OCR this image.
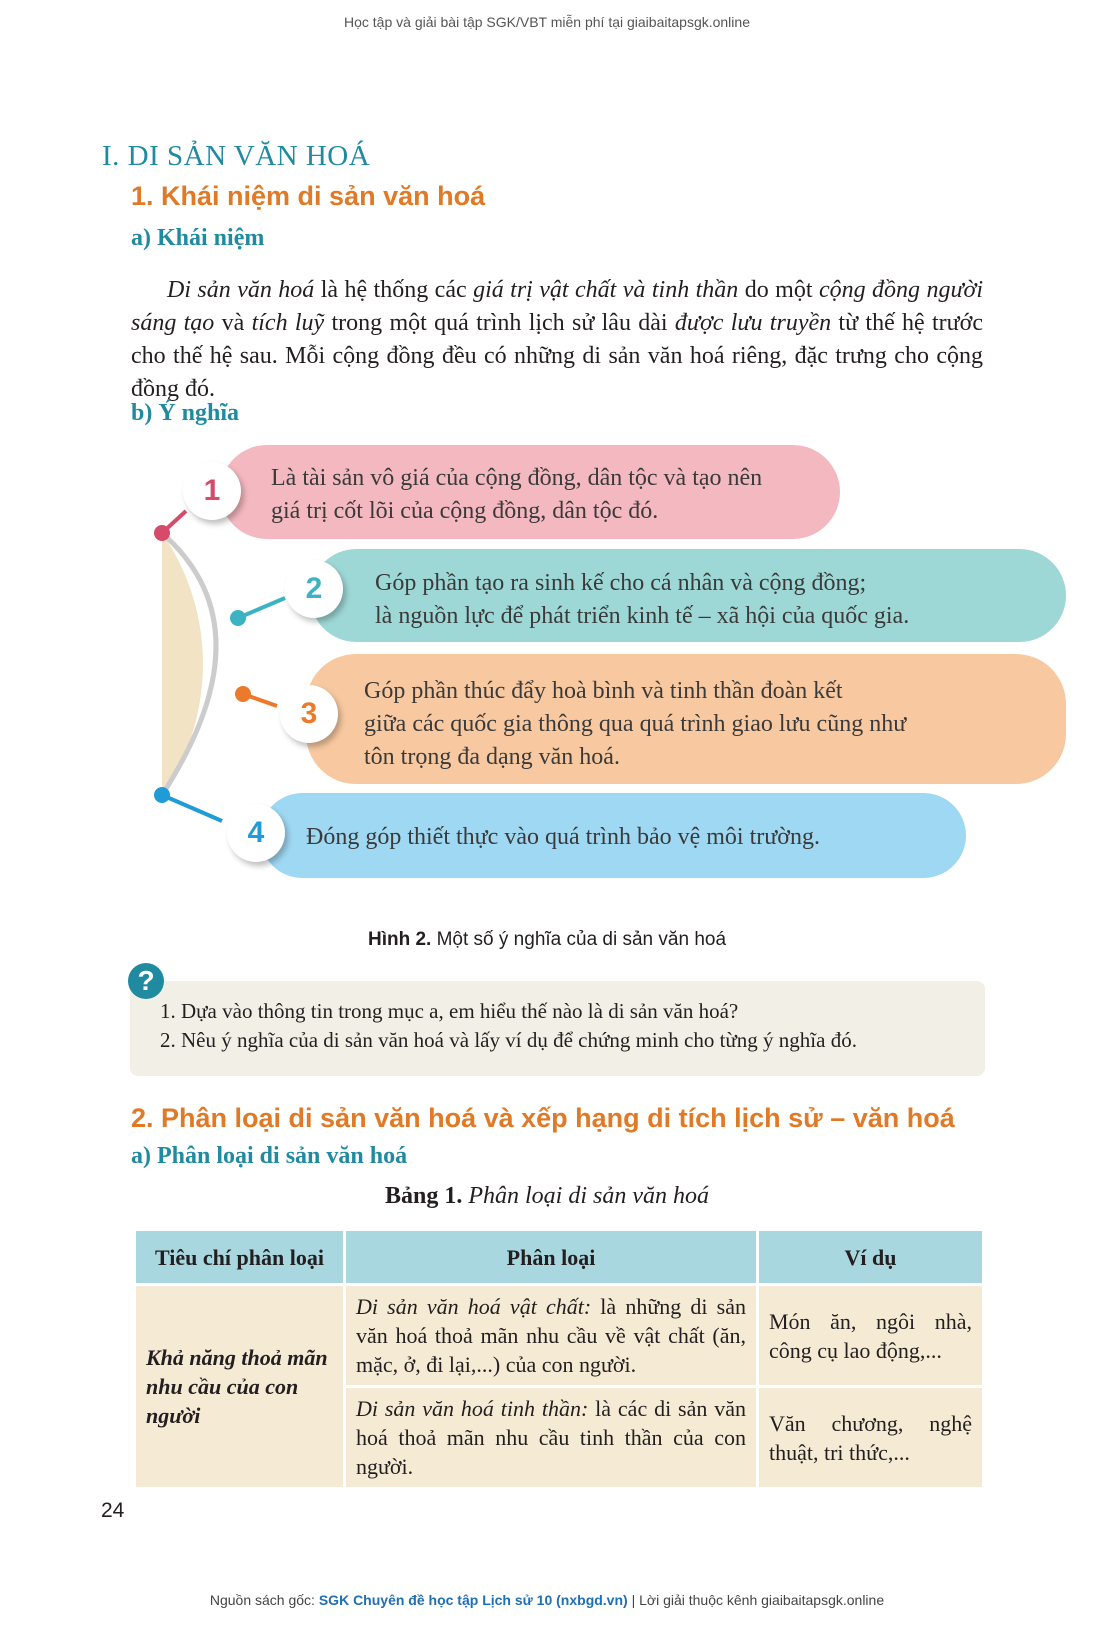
Học tập và giải bài tập SGK/VBT miễn phí tại giaibaitapsgk.online
I. DI SẢN VĂN HOÁ
1. Khái niệm di sản văn hoá
a) Khái niệm
Di sản văn hoá là hệ thống các giá trị vật chất và tinh thần do một cộng đồng người sáng tạo và tích luỹ trong một quá trình lịch sử lâu dài được lưu truyền từ thế hệ trước cho thế hệ sau. Mỗi cộng đồng đều có những di sản văn hoá riêng, đặc trưng cho cộng đồng đó.
b) Ý nghĩa
1
2
3
4
Là tài sản vô giá của cộng đồng, dân tộc và tạo nên
giá trị cốt lõi của cộng đồng, dân tộc đó.
Góp phần tạo ra sinh kế cho cá nhân và cộng đồng;
là nguồn lực để phát triển kinh tế – xã hội của quốc gia.
Góp phần thúc đẩy hoà bình và tinh thần đoàn kết
giữa các quốc gia thông qua quá trình giao lưu cũng như
tôn trọng đa dạng văn hoá.
Đóng góp thiết thực vào quá trình bảo vệ môi trường.
Hình 2. Một số ý nghĩa của di sản văn hoá
?
1. Dựa vào thông tin trong mục a, em hiểu thế nào là di sản văn hoá?
2. Nêu ý nghĩa của di sản văn hoá và lấy ví dụ để chứng minh cho từng ý nghĩa đó.
2. Phân loại di sản văn hoá và xếp hạng di tích lịch sử – văn hoá
a) Phân loại di sản văn hoá
Bảng 1. Phân loại di sản văn hoá
Tiêu chí phân loại	Phân loại	Ví dụ
Khả năng thoả mãn nhu cầu của con người	Di sản văn hoá vật chất: là những di sản văn hoá thoả mãn nhu cầu về vật chất (ăn, mặc, ở, đi lại,...) của con người.	Món ăn, ngôi nhà, công cụ lao động,...
	Di sản văn hoá tinh thần: là các di sản văn hoá thoả mãn nhu cầu tinh thần của con người.	Văn chương, nghệ thuật, tri thức,...
24
Nguồn sách gốc: SGK Chuyên đề học tập Lịch sử 10 (nxbgd.vn) | Lời giải thuộc kênh giaibaitapsgk.online
